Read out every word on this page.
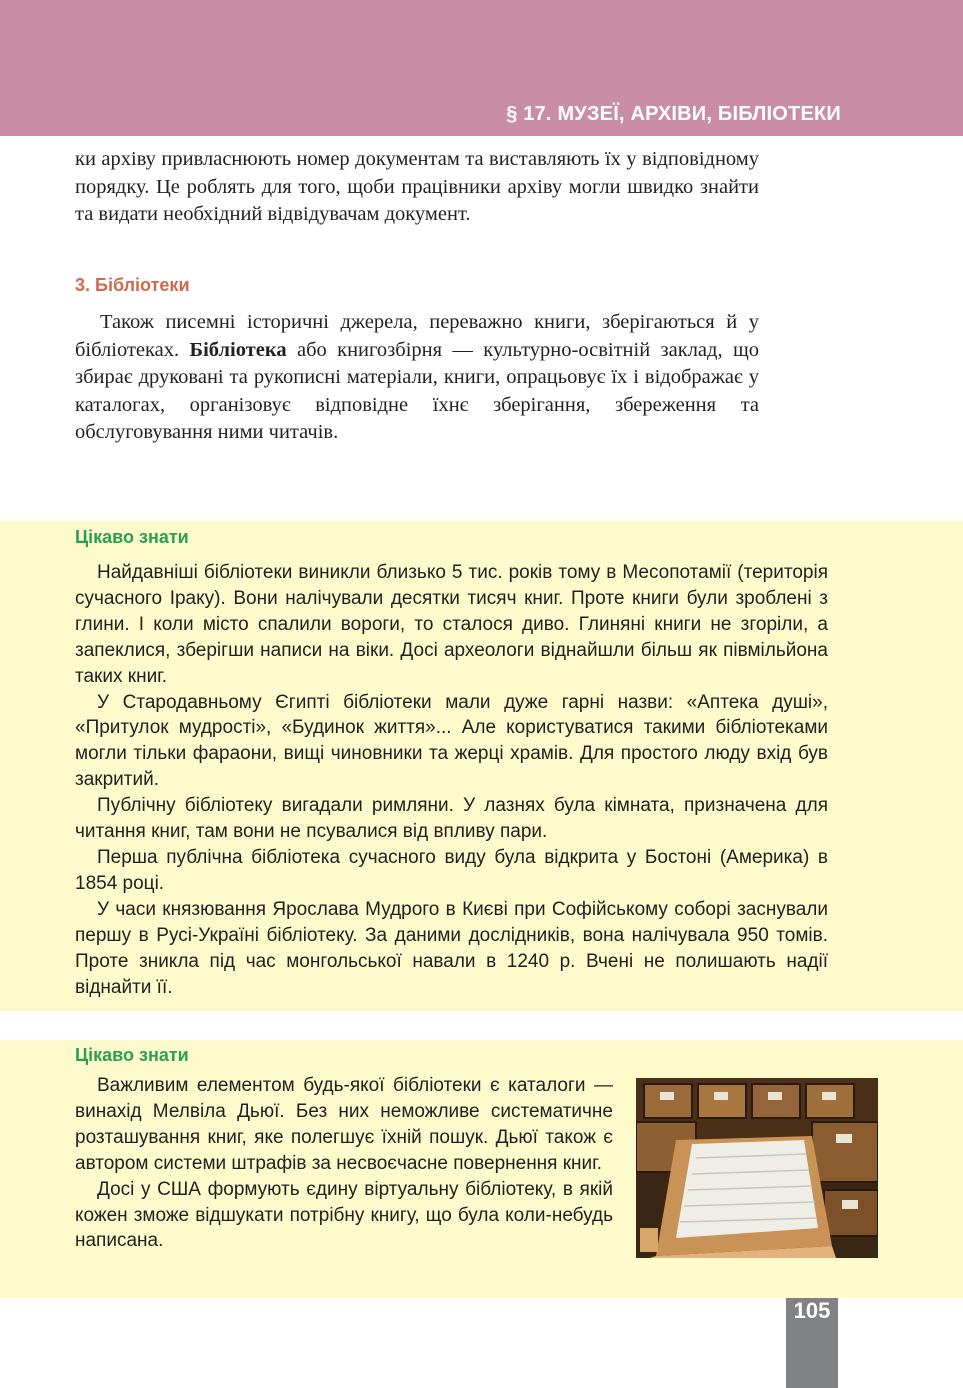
§ 17. МУЗЕЇ, АРХІВИ, БІБЛІОТЕКИ

ки архіву привласнюють номер документам та виставляють їх у відповідному порядку. Це роблять для того, щоби працівники архіву могли швидко знайти та видати необхідний відвідувачам документ.

3. Бібліотеки

Також писемні історичні джерела, переважно книги, зберігаються й у бібліотеках. Бібліотека або книгозбірня — культурно-освітній заклад, що збирає друковані та рукописні матеріали, книги, опрацьовує їх і відображає у каталогах, організовує відповідне їхнє зберігання, збереження та обслуговування ними читачів.

Цікаво знати

Найдавніші бібліотеки виникли близько 5 тис. років тому в Месопотамії (територія сучасного Іраку). Вони налічували десятки тисяч книг. Проте книги були зроблені з глини. І коли місто спалили вороги, то сталося диво. Глиняні книги не згоріли, а запеклися, зберігши написи на віки. Досі археологи віднайшли більш як півмільйона таких книг.

У Стародавньому Єгипті бібліотеки мали дуже гарні назви: «Аптека душі», «Притулок мудрості», «Будинок життя»... Але користуватися такими бібліотеками могли тільки фараони, вищі чиновники та жерці храмів. Для простого люду вхід був закритий.

Публічну бібліотеку вигадали римляни. У лазнях була кімната, призначена для читання книг, там вони не псувалися від впливу пари.

Перша публічна бібліотека сучасного виду була відкрита у Бостоні (Америка) в 1854 році.

У часи князювання Ярослава Мудрого в Києві при Софійському соборі заснували першу в Русі-Україні бібліотеку. За даними дослідників, вона налічувала 950 томів. Проте зникла під час монгольської навали в 1240 р. Вчені не полишають надії віднайти її.

Цікаво знати

Важливим елементом будь-якої бібліотеки є каталоги — винахід Мелвіла Дьюї. Без них неможливе систематичне розташування книг, яке полегшує їхній пошук. Дьюї також є автором системи штрафів за несвоєчасне повернення книг.

Досі у США формують єдину віртуальну бібліотеку, в якій кожен зможе відшукати потрібну книгу, що була коли-небудь написана.

105
